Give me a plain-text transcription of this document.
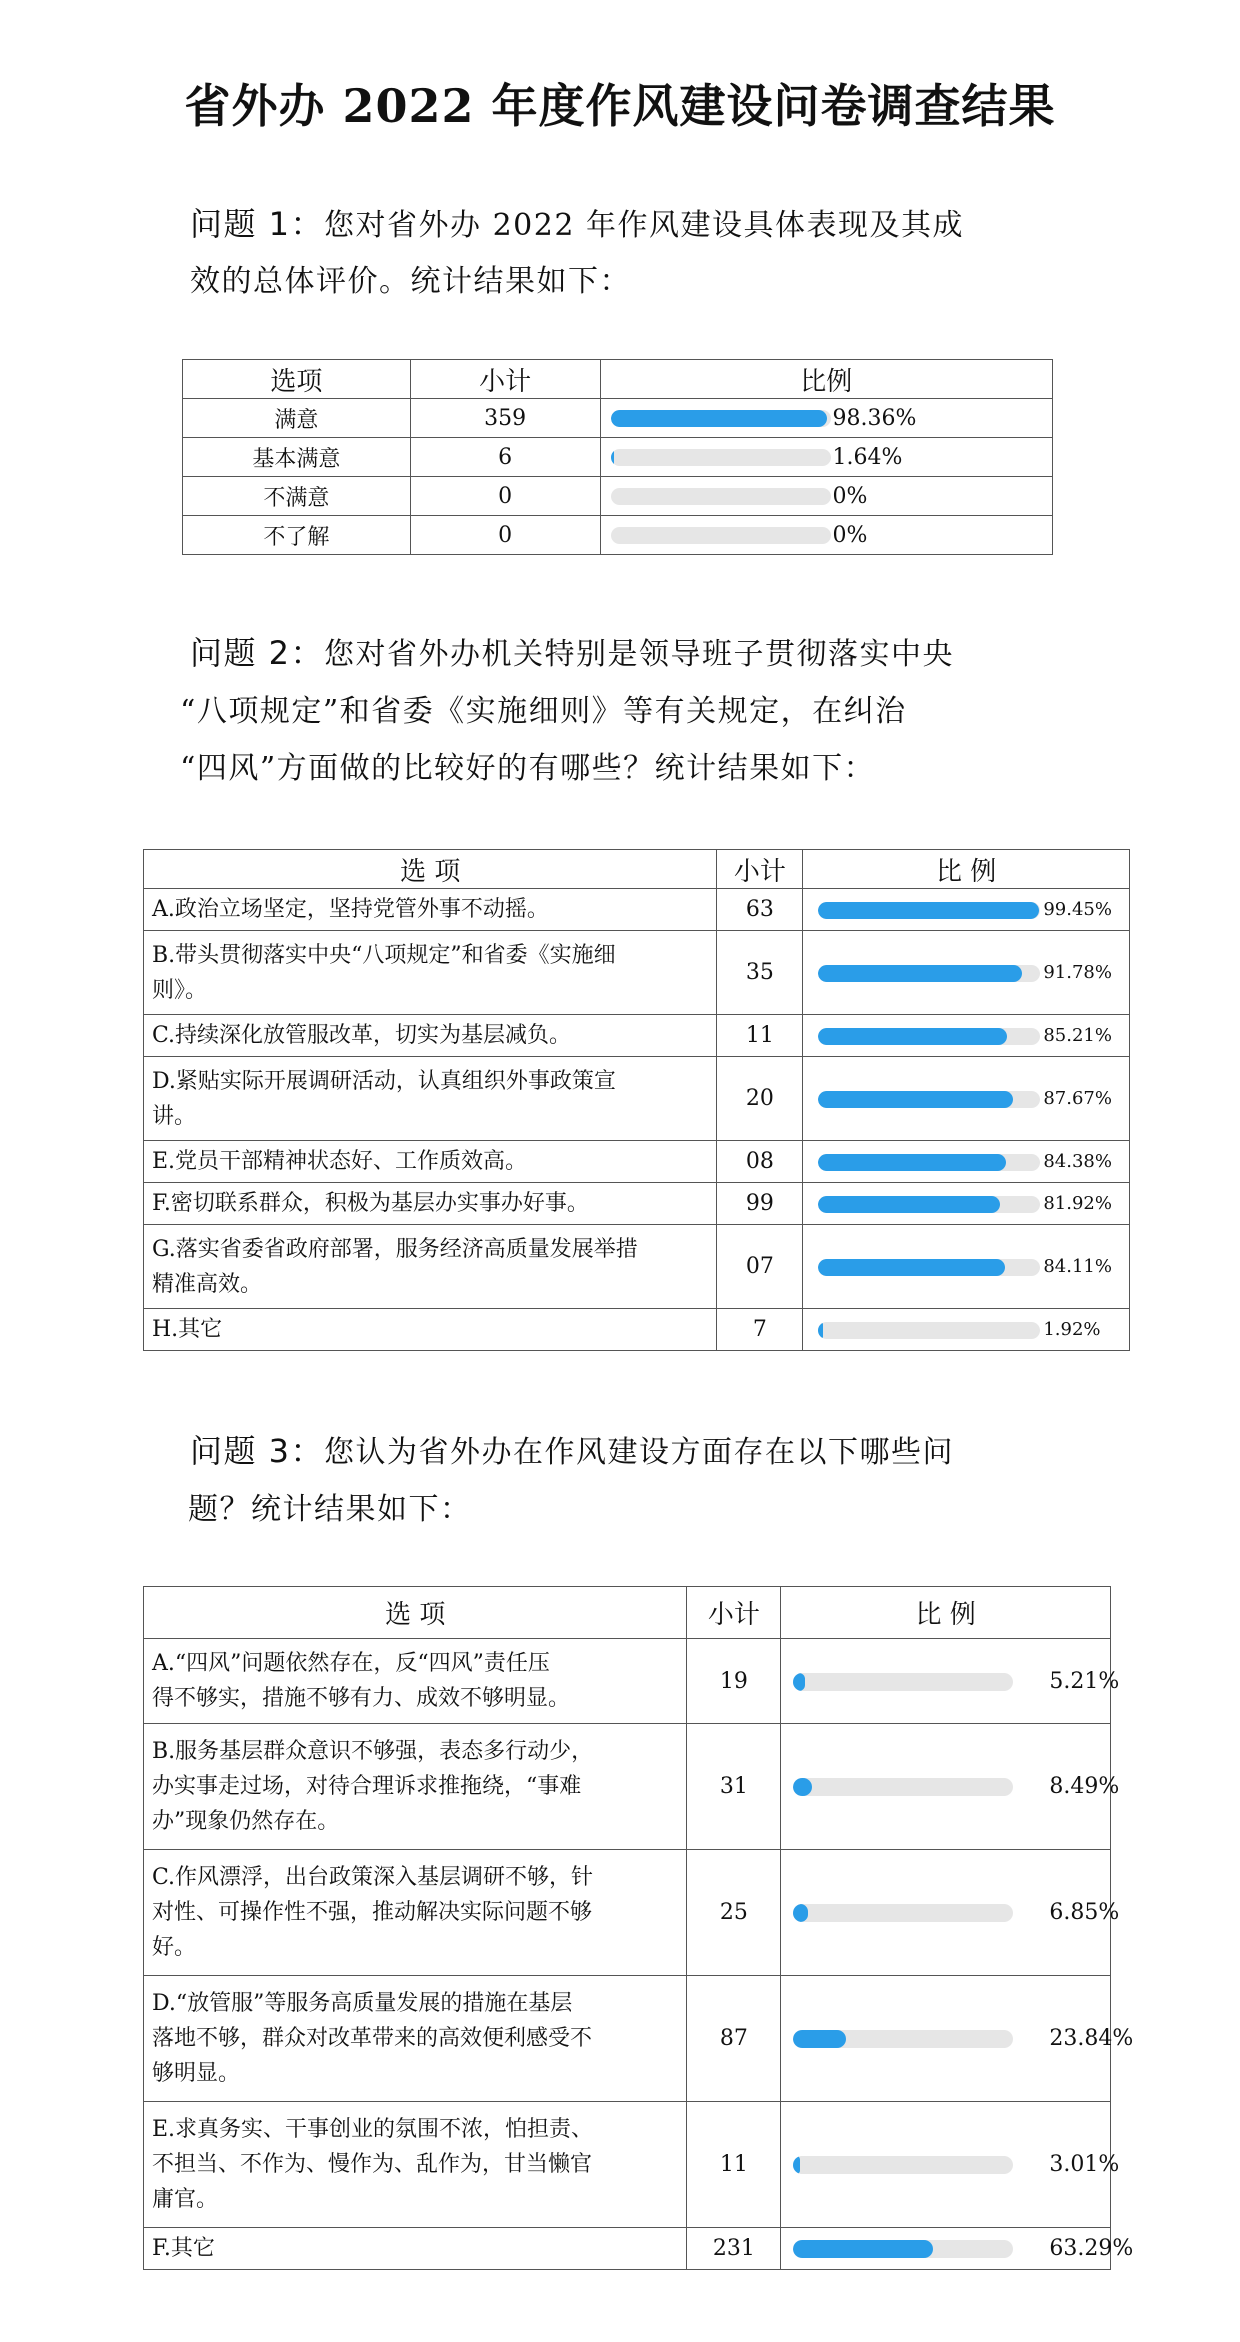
省外办 2022 年度作风建设问卷调查结果
问题 1：您对省外办 2022 年作风建设具体表现及其成
效的总体评价。统计结果如下：
选项	小计	比例
满意	359	98.36%

基本满意	6	1.64%

不满意	0	0%

不了解	0	0%
问题 2：您对省外办机关特别是领导班子贯彻落实中央
“八项规定”和省委《实施细则》等有关规定，在纠治
“四风”方面做的比较好的有哪些？统计结果如下：
选 项	小计	比 例

A.政治立场坚定，坚持党管外事不动摇。	63	99.45%

B.带头贯彻落实中央“八项规定”和省委《实施细
则》。	35	91.78%

C.持续深化放管服改革，切实为基层减负。	11	85.21%

D.紧贴实际开展调研活动，认真组织外事政策宣
讲。	20	87.67%

E.党员干部精神状态好、工作质效高。	08	84.38%

F.密切联系群众，积极为基层办实事办好事。	99	81.92%

G.落实省委省政府部署，服务经济高质量发展举措
精准高效。	07	84.11%

H.其它	7	1.92%
问题 3：您认为省外办在作风建设方面存在以下哪些问
题？统计结果如下：
选 项	小计	比 例

A.“四风”问题依然存在，反“四风”责任压
得不够实，措施不够有力、成效不够明显。	19	5.21%

B.服务基层群众意识不够强，表态多行动少，
办实事走过场，对待合理诉求推拖绕，“事难
办”现象仍然存在。	31	8.49%

C.作风漂浮，出台政策深入基层调研不够，针
对性、可操作性不强，推动解决实际问题不够
好。	25	6.85%

D.“放管服”等服务高质量发展的措施在基层
落地不够，群众对改革带来的高效便利感受不
够明显。	87	23.84%

E.求真务实、干事创业的氛围不浓，怕担责、
不担当、不作为、慢作为、乱作为，甘当懒官
庸官。	11	3.01%

F.其它	231	63.29%
